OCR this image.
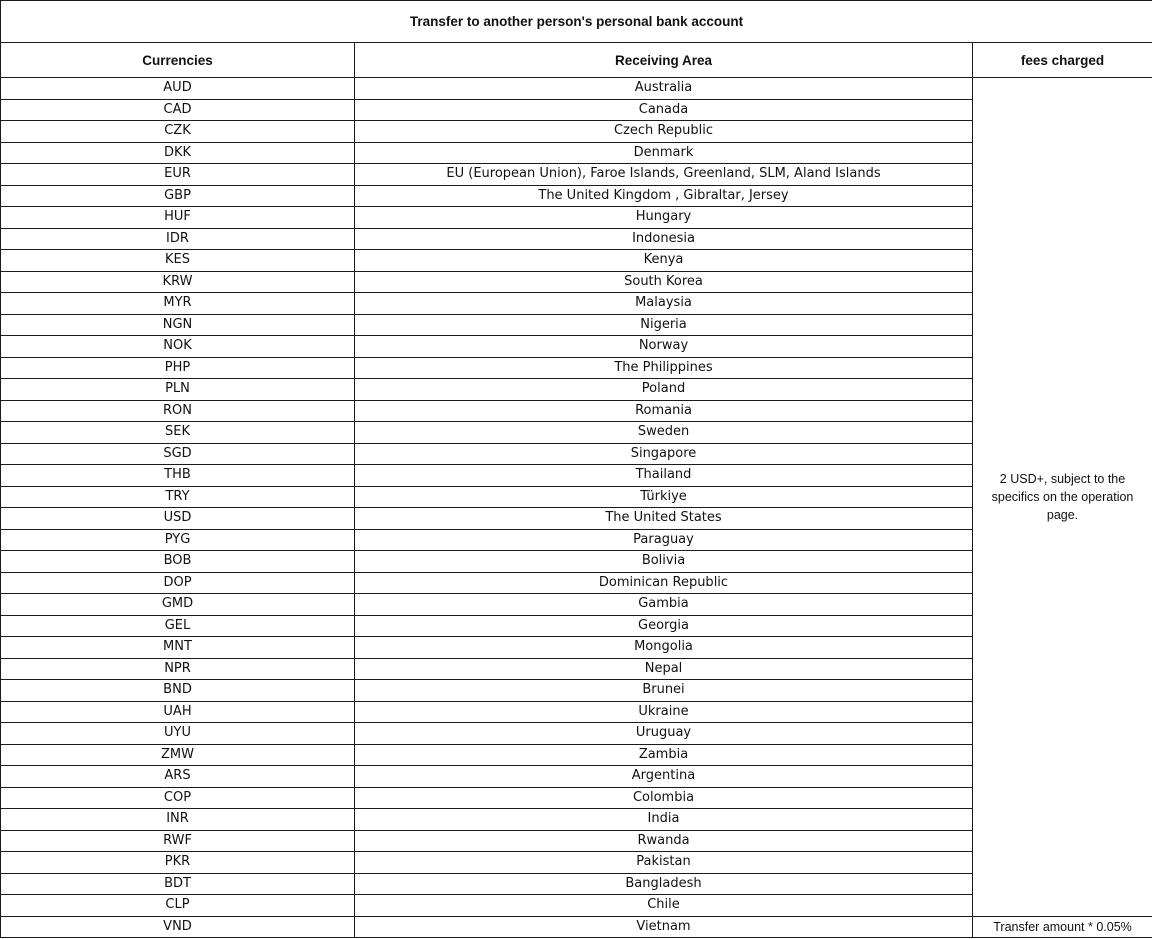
Transfer to another person's personal bank account		
Currencies	Receiving Area	fees charged
AUD	Australia	2 USD+, subject to the specifics on the operation page.
CAD	Canada	
CZK	Czech Republic	
DKK	Denmark	
EUR	EU (European Union), Faroe Islands, Greenland, SLM, Aland Islands	
GBP	The United Kingdom , Gibraltar, Jersey	
HUF	Hungary	
IDR	Indonesia	
KES	Kenya	
KRW	South Korea	
MYR	Malaysia	
NGN	Nigeria	
NOK	Norway	
PHP	The Philippines	
PLN	Poland	
RON	Romania	
SEK	Sweden	
SGD	Singapore	
THB	Thailand	
TRY	Türkiye	
USD	The United States	
PYG	Paraguay	
BOB	Bolivia	
DOP	Dominican Republic	
GMD	Gambia	
GEL	Georgia	
MNT	Mongolia	
NPR	Nepal	
BND	Brunei	
UAH	Ukraine	
UYU	Uruguay	
ZMW	Zambia	
ARS	Argentina	
COP	Colombia	
INR	India	
RWF	Rwanda	
PKR	Pakistan	
BDT	Bangladesh	
CLP	Chile	
VND	Vietnam	Transfer amount * 0.05%
